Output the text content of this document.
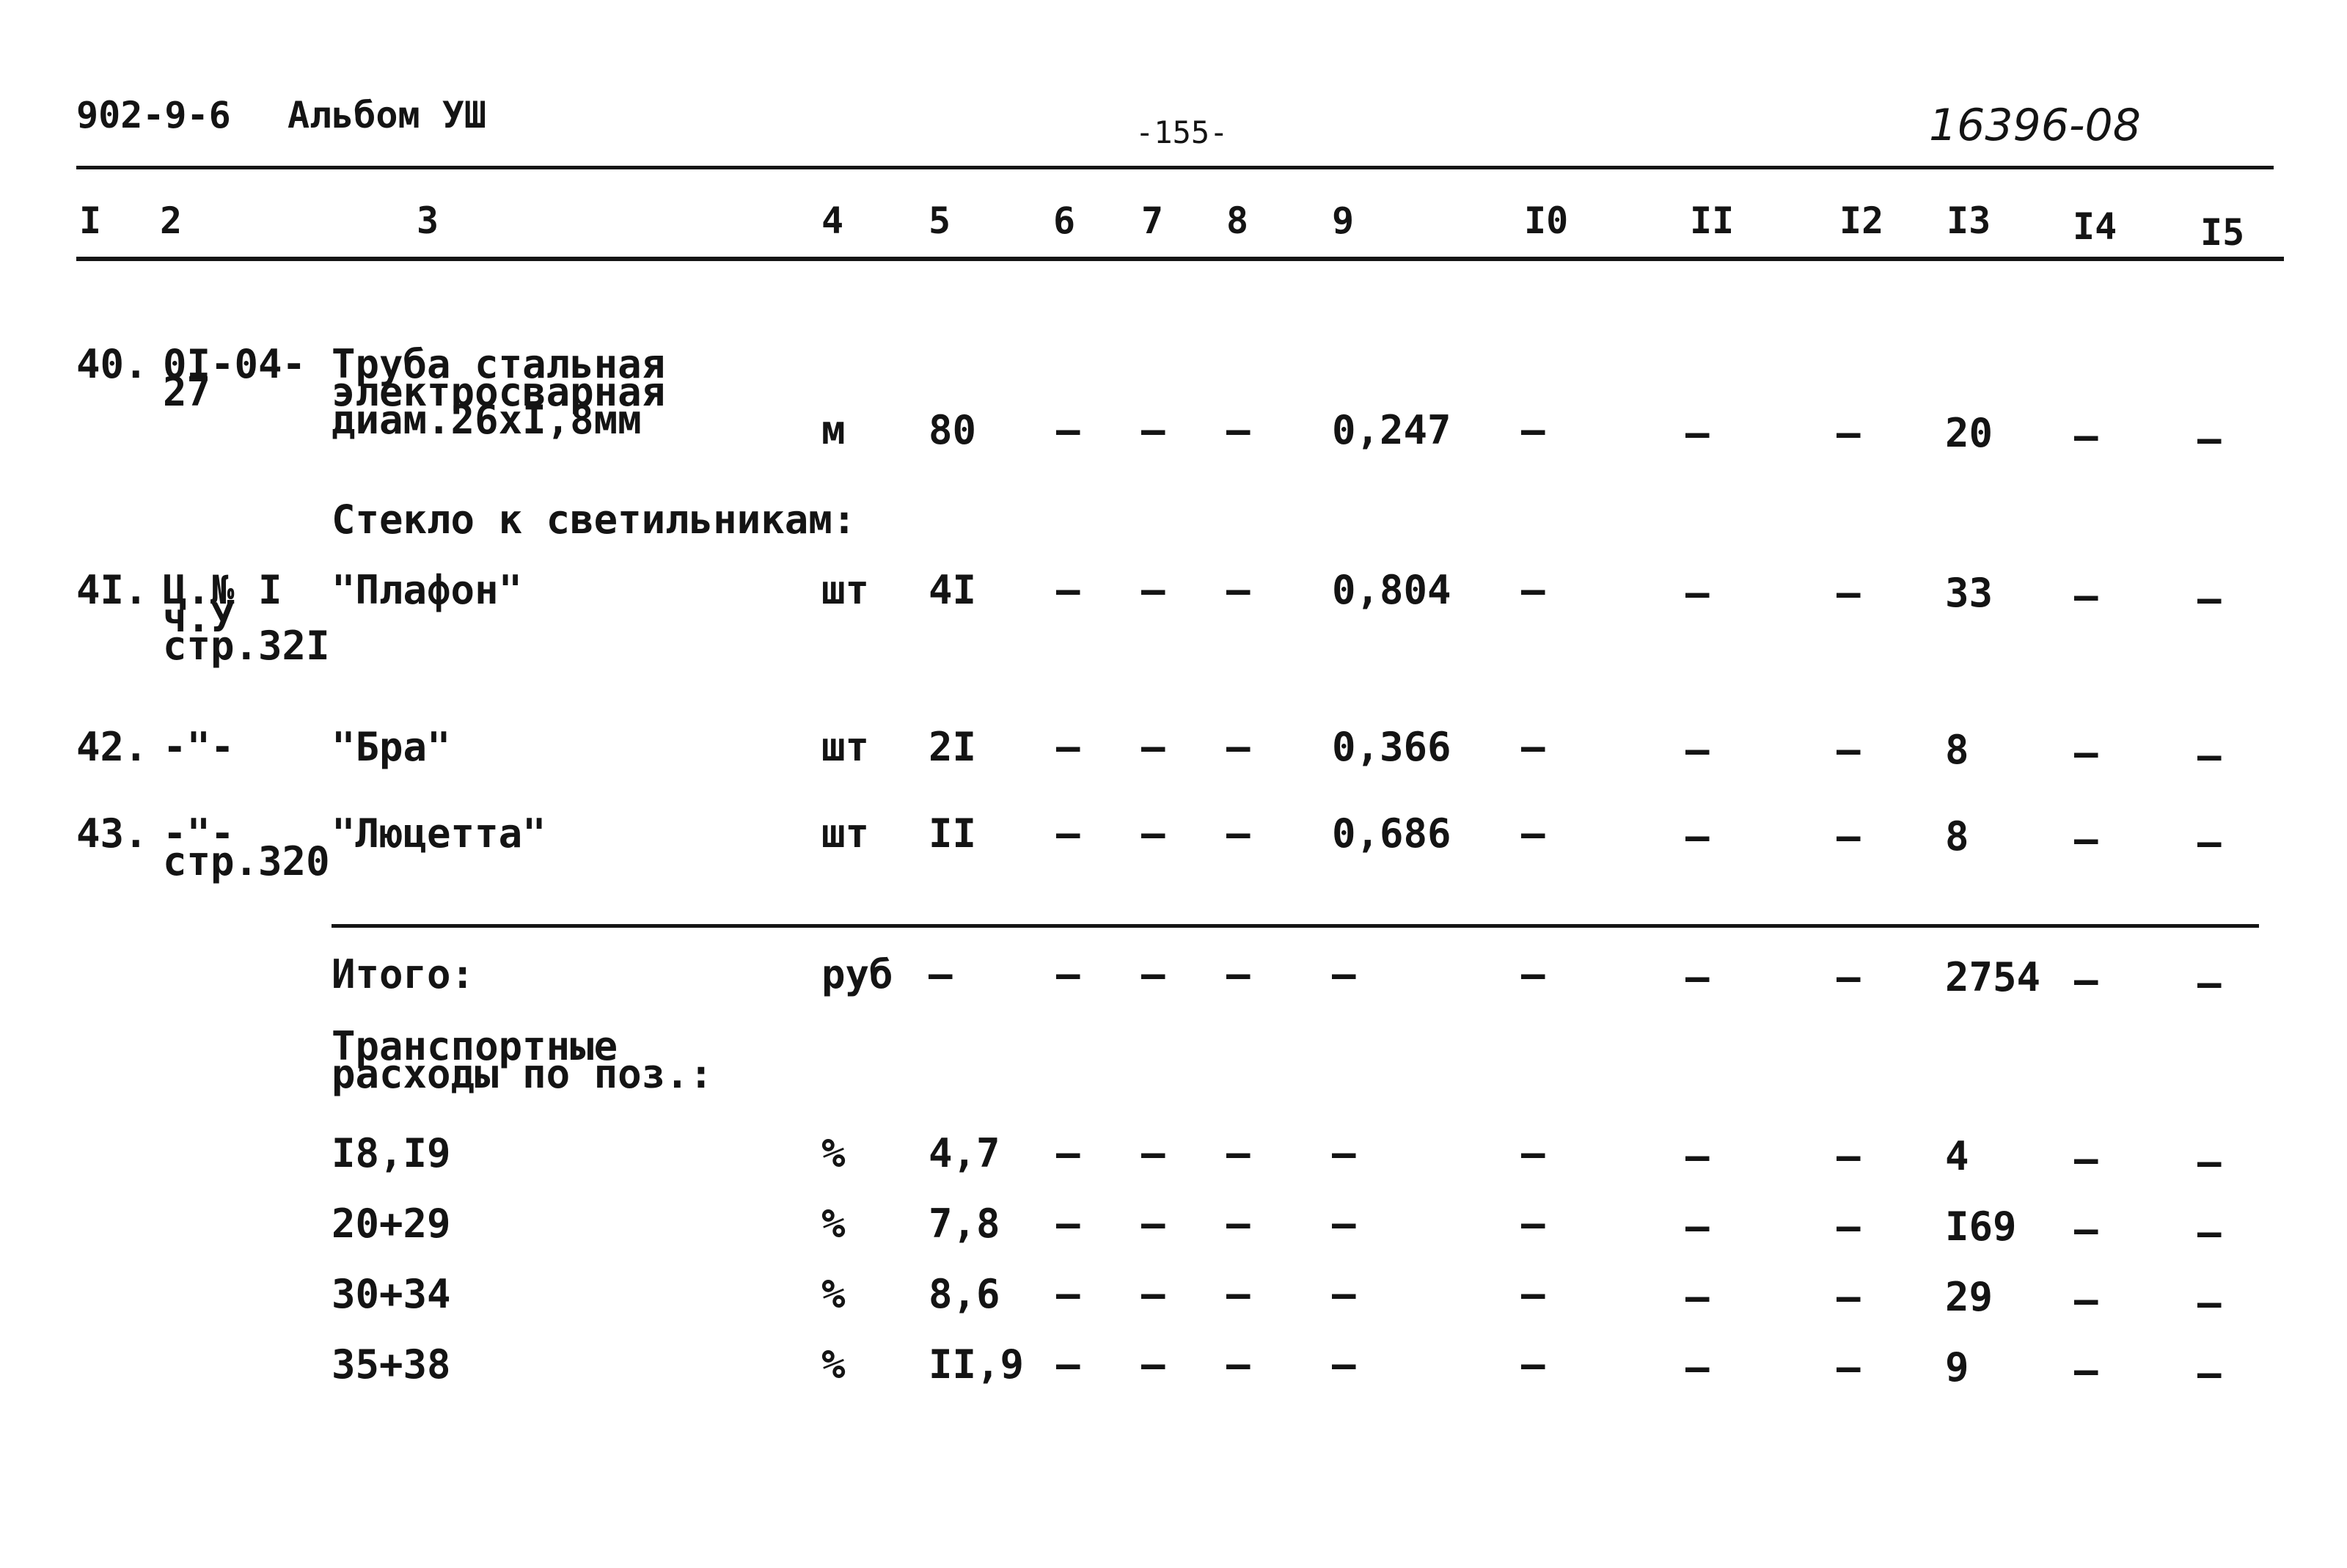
902-9-6 Альбом УШ	-155-	16396-08
I 2	3	4 5	6 7 8 9	I0	II	I2 I3 I4 I5
40. 0I-04-
27
Труба стальная
электросварная
диам.26xI,8мм	м 80 – – – 0,247 –	–	– 20 –	–
Стекло к светильникам:
4I. Ц.№ I
ч.У
стр.32I
"Плафон"	шт 4I – – – 0,804 –	–	– 33 –	–
42. -"- "Бра"	шт 2I – – – 0,366 –	–	– 8	–	–
43. -"-
стр.320
"Люцетта"	шт II – – – 0,686 –	–	– 8	–	–
Итого:	руб –	– – – –	–	–	– 2754 –	–
Транспортные
расходы по поз.:
I8,I9	% 4,7 – – – –	–	–	– 4	–	–
20+29	% 7,8 – – – –	–	–	– I69 –	–
30+34	% 8,6 – – – –	–	–	– 29 –	–
35+38	% II,9 – – – –	–	–	– 9	–	–
